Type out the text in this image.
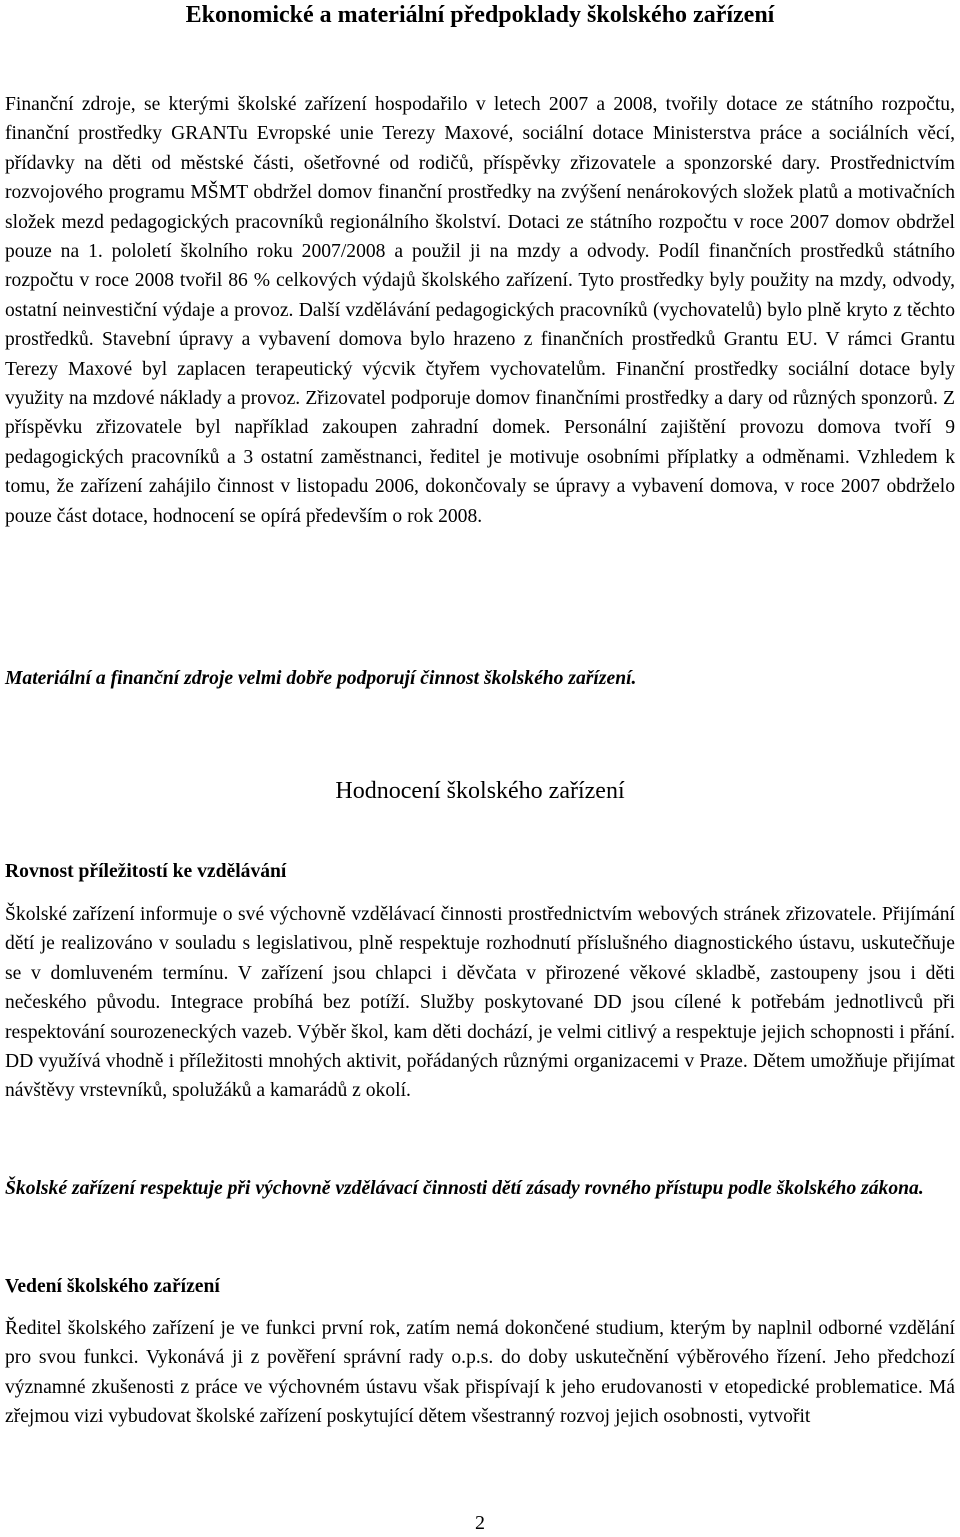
Ekonomické a materiální předpoklady školského zařízení

Finanční zdroje, se kterými školské zařízení hospodařilo v letech 2007 a 2008, tvořily dotace ze státního rozpočtu, finanční prostředky GRANTu Evropské unie Terezy Maxové, sociální dotace Ministerstva práce a sociálních věcí, přídavky na děti od městské části, ošetřovné od rodičů, příspěvky zřizovatele a sponzorské dary. Prostřednictvím rozvojového programu MŠMT obdržel domov finanční prostředky na zvýšení nenárokových složek platů a motivačních složek mezd pedagogických pracovníků regionálního školství. Dotaci ze státního rozpočtu v roce 2007 domov obdržel pouze na 1. pololetí školního roku 2007/2008 a použil ji na mzdy a odvody. Podíl finančních prostředků státního rozpočtu v roce 2008 tvořil 86 % celkových výdajů školského zařízení. Tyto prostředky byly použity na mzdy, odvody, ostatní neinvestiční výdaje a provoz. Další vzdělávání pedagogických pracovníků (vychovatelů) bylo plně kryto z těchto prostředků. Stavební úpravy a vybavení domova bylo hrazeno z finančních prostředků Grantu EU. V rámci Grantu Terezy Maxové byl zaplacen terapeutický výcvik čtyřem vychovatelům. Finanční prostředky sociální dotace byly využity na mzdové náklady a provoz. Zřizovatel podporuje domov finančními prostředky a dary od různých sponzorů. Z příspěvku zřizovatele byl například zakoupen zahradní domek. Personální zajištění provozu domova tvoří 9 pedagogických pracovníků a 3 ostatní zaměstnanci, ředitel je motivuje osobními příplatky a odměnami. Vzhledem k tomu, že zařízení zahájilo činnost v listopadu 2006, dokončovaly se úpravy a vybavení domova, v roce 2007 obdrželo pouze část dotace, hodnocení se opírá především o rok 2008.

Materiální a finanční zdroje velmi dobře podporují činnost školského zařízení.

Hodnocení školského zařízení
Rovnost příležitostí ke vzdělávání

Školské zařízení informuje o své výchovně vzdělávací činnosti prostřednictvím webových stránek zřizovatele. Přijímání dětí je realizováno v souladu s legislativou, plně respektuje rozhodnutí příslušného diagnostického ústavu, uskutečňuje se v domluveném termínu. V zařízení jsou chlapci i děvčata v přirozené věkové skladbě, zastoupeny jsou i děti nečeského původu. Integrace probíhá bez potíží. Služby poskytované DD jsou cílené k potřebám jednotlivců při respektování sourozeneckých vazeb. Výběr škol, kam děti dochází, je velmi citlivý a respektuje jejich schopnosti i přání. DD využívá vhodně i příležitosti mnohých aktivit, pořádaných různými organizacemi v Praze. Dětem umožňuje přijímat návštěvy vrstevníků, spolužáků a kamarádů z okolí.

Školské zařízení respektuje při výchovně vzdělávací činnosti dětí zásady rovného přístupu podle školského zákona.

Vedení školského zařízení

Ředitel školského zařízení je ve funkci první rok, zatím nemá dokončené studium, kterým by naplnil odborné vzdělání pro svou funkci. Vykonává ji z pověření správní rady o.p.s. do doby uskutečnění výběrového řízení. Jeho předchozí významné zkušenosti z práce ve výchovném ústavu však přispívají k jeho erudovanosti v etopedické problematice. Má zřejmou vizi vybudovat školské zařízení poskytující dětem všestranný rozvoj jejich osobnosti, vytvořit

2
